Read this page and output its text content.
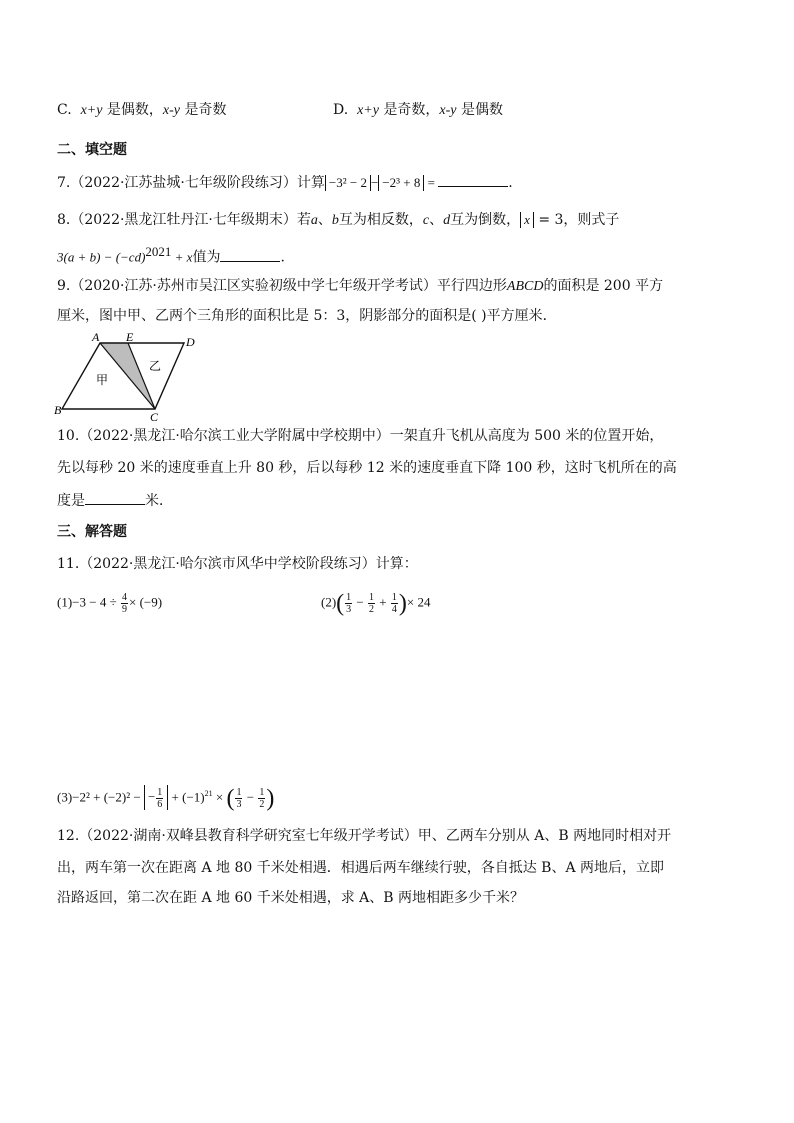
C. x+y 是偶数，x-y 是奇数	D. x+y 是奇数，x-y 是偶数
二、填空题
7.（2022·江苏盐城·七年级阶段练习）计算 −3² − 2 − −2³ + 8 =	.
8.（2022·黑龙江牡丹江·七年级期末）若a、b互为相反数，c、d互为倒数， x = 3，则式子
$3(a + b) - (-cd)^{2021} + x$值为	.
9.（2020·江苏·苏州市吴江区实验初级中学七年级开学考试）平行四边形ABCD的面积是 200 平方
厘米，图中甲、乙两个三角形的面积比是 5：3，阴影部分的面积是( )平方厘米．
A E	D
B	C
甲
乙
10.（2022·黑龙江·哈尔滨工业大学附属中学校期中）一架直升飞机从高度为 500 米的位置开始，
先以每秒 20 米的速度垂直上升 80 秒，后以每秒 12 米的速度垂直下降 100 秒，这时飞机所在的高
度是	米．
三、解答题
11.（2022·黑龙江·哈尔滨市风华中学校阶段练习）计算：
$(1)-3 - 4 \div \frac{4}{9} \times (-9)$	$(2)( \frac{1}{3} - \frac{1}{2} + \frac{1}{4}$ )× 24
(3)−2² + (−2)² − − $\frac{1}{6} + (-1)^{21}$ × ( $\frac{1}{3} - \frac{1}{2}$ )
12.（2022·湖南·双峰县教育科学研究室七年级开学考试）甲、乙两车分别从 A、B 两地同时相对开
出，两车第一次在距离 A 地 80 千米处相遇．相遇后两车继续行驶，各自抵达 B、A 两地后，立即
沿路返回，第二次在距 A 地 60 千米处相遇，求 A、B 两地相距多少千米？
